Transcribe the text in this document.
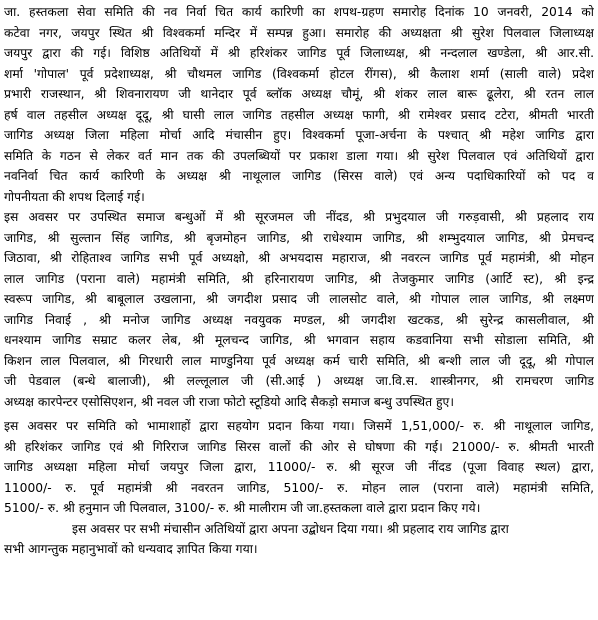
जा. हस्तकला सेवा समिति की नव निर्वा चित कार्य कारिणी का शपथ-ग्रहण समारोह दिनांक 10 जनवरी, 2014 को
कटेवा नगर, जयपुर स्थित श्री विश्वकर्मा मन्दिर में सम्पन्न हुआ। समारोह की अध्यक्षता श्री सुरेश पिलवाल जिलाध्यक्ष
जयपुर द्वारा की गई। विशिष्ठ अतिथियों में श्री हरिशंकर जागिड पूर्व जिलाध्यक्ष, श्री नन्दलाल खण्डेला, श्री आर.सी.
शर्मा 'गोपाल' पूर्व प्रदेशाध्यक्ष, श्री चौथमल जागिड (विश्वकर्मा होटल रींगस), श्री कैलाश शर्मा (साली वाले) प्रदेश
प्रभारी राजस्थान, श्री शिवनारायण जी थानेदार पूर्व ब्लॉक अध्यक्ष चौमूं, श्री शंकर लाल बारू ढूलेरा, श्री रतन लाल
हर्ष वाल तहसील अध्यक्ष दूदू, श्री घासी लाल जागिड तहसील अध्यक्ष फागी, श्री रामेश्वर प्रसाद टटेरा, श्रीमती भारती
जागिड अध्यक्ष जिला महिला मोर्चा आदि मंचासीन हुए। विश्वकर्मा पूजा-अर्चना के पश्चात् श्री महेश जागिड द्वारा
समिति के गठन से लेकर वर्त मान तक की उपलब्धियों पर प्रकाश डाला गया। श्री सुरेश पिलवाल एवं अतिथियों द्वारा
नवनिर्वा चित कार्य कारिणी के अध्यक्ष श्री नाथूलाल जागिड (सिरस वाले) एवं अन्य पदाधिकारियों को पद व
गोपनीयता की शपथ दिलाई गई।
इस अवसर पर उपस्थित समाज बन्धुओं में श्री सूरजमल जी नींदड, श्री प्रभुदयाल जी गरुड़वासी, श्री प्रहलाद राय
जागिड, श्री सुल्तान सिंह जागिड, श्री बृजमोहन जागिड, श्री राधेश्याम जागिड, श्री शम्भुदयाल जागिड, श्री प्रेमचन्द
जिठावा, श्री रोहिताश्व जागिड सभी पूर्व अध्यक्षो, श्री अभयदास महाराज, श्री नवरत्न जागिड पूर्व महामंत्री, श्री मोहन
लाल जागिड (पराना वाले) महामंत्री समिति, श्री हरिनारायण जागिड, श्री तेजकुमार जागिड (आर्टि स्ट), श्री इन्द्र
स्वरूप जागिड, श्री बाबूलाल उखलाना, श्री जगदीश प्रसाद जी लालसोट वाले, श्री गोपाल लाल जागिड, श्री लक्ष्मण
जागिड निवाई , श्री मनोज जागिड अध्यक्ष नवयुवक मण्डल, श्री जगदीश खटकड, श्री सुरेन्द्र कासलीवाल, श्री
धनश्याम जागिड सम्राट कलर लेब, श्री मूलचन्द जागिड, श्री भगवान सहाय कडवानिया सभी सोडाला समिति, श्री
किशन लाल पिलवाल, श्री गिरधारी लाल माण्डुनिया पूर्व अध्यक्ष कर्म चारी समिति, श्री बन्शी लाल जी दूदू, श्री गोपाल
जी पेडवाल (बन्धे बालाजी), श्री लल्लूलाल जी (सी.आई ) अध्यक्ष जा.वि.स. शास्त्रीनगर, श्री रामचरण जागिड
अध्यक्ष कारपेन्टर एसोसिएशन, श्री नवल जी राजा फोटो स्टूडियो आदि सैकड़ो समाज बन्धु उपस्थित हुए।
इस अवसर पर समिति को भामाशाहों द्वारा सहयोग प्रदान किया गया। जिसमें 1,51,000/- रु. श्री नाथूलाल जागिड,
श्री हरिशंकर जागिड एवं श्री गिरिराज जागिड सिरस वालों की ओर से घोषणा की गई। 21000/- रु. श्रीमती भारती
जागिड अध्यक्षा महिला मोर्चा जयपुर जिला द्वारा, 11000/- रु. श्री सूरज जी नींदड (पूजा विवाह स्थल) द्वारा,
11000/- रु. पूर्व महामंत्री श्री नवरतन जागिड, 5100/- रु. मोहन लाल (पराना वाले) महामंत्री समिति,
5100/- रु. श्री हनुमान जी पिलवाल, 3100/- रु. श्री मालीराम जी जा.हस्तकला वाले द्वारा प्रदान किए गये।
इस अवसर पर सभी मंचासीन अतिथियों द्वारा अपना उद्बोधन दिया गया। श्री प्रहलाद राय जागिड द्वारा
सभी आगन्तुक महानुभावों को धन्यवाद ज्ञापित किया गया।
